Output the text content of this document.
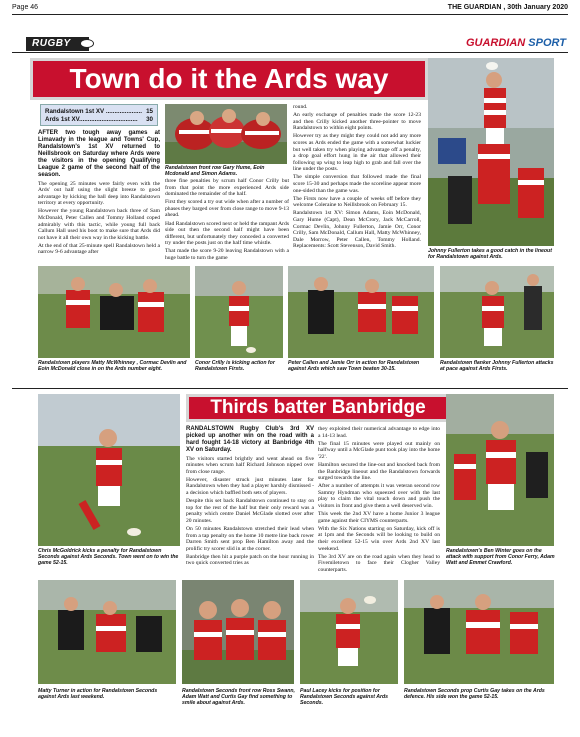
Page 46	THE GUARDIAN , 30th January 2020
RUGBY	GUARDIAN SPORT
Town do it the Ards way
Randalstown 1st XV ..................... 15
Ards 1st XV.................................. 30

AFTER two tough away games at Limavady in the league and Towns' Cup, Randalstown's 1st XV returned to Neillsbrook on Saturday where Ards were the visitors in the opening Qualifying League 2 game of the second half of the season.

The opening 25 minutes were fairly even with the Ards' out half using the slight breeze to good advantage by kicking the ball deep into Randalstown territory at every opportunity.

However the young Randalstown back three of Sam McDonald, Peter Callen and Tommy Holland coped admirably with this tactic, while young full back Callum Hall used his boot to make sure that Ards did not have it all their own way in the kicking battle.

At the end of that 25-minute spell Randalstown held a narrow 9-6 advantage after

Randalstown front row Gary Hume, Eoin Mcdonald and Simon Adams.

three fine penalties by scrum half Conor Crilly but from that point the more experienced Ards side dominated the remainder of the half.

First they scored a try out wide when after a number of phases they barged over from close range to move 9-13 ahead.

Had Randalstown scored next or held the rampant Ards side out then the second half might have been different, but unfortunately they conceded a converted try under the posts just on the half time whistle.

That made the score 9-20 leaving Randalstown with a huge battle to turn the game

round.

An early exchange of penalties made the score 12-23 and then Crilly kicked another three-pointer to move Randalstown to within eight points.

However try as they might they could not add any more scores as Ards ended the game with a somewhat luckier but well taken try when playing advantage off a penalty, a drop goal effort hung in the air that allowed their following up wing to leap high to grab and fall over the line under the posts.

The simple conversion that followed made the final score 15-30 and perhaps made the scoreline appear more one-sided than the game was.

The Firsts now have a couple of weeks off before they welcome Coleraine to Neillsbrook on February 15.

Randalstown 1st XV: Simon Adams, Eoin McDonald, Gary Hume (Capt), Dean McCrory, Jack McCarroll, Cormac Devlin, Johnny Fullerton, Jamie Orr, Conor Crilly, Sam McDonald, Callum Hall, Matty McWhinney, Dale Morrow, Peter Callen, Tommy Holland. Replacements: Scott Stevenson, David Smith.

Johnny Fullerton takes a good catch in the lineout for Randalstown against Ards.
Randalstown players Matty McWhinney , Cormac Devlin and Eoin McDonald close in on the Ards number eight.
Conor Crilly is kicking action for Randalstown Firsts.
Peter Callen and Jamie Orr in action for Randalstown against Ards which saw Town beaten 30-15.
Randalstown flanker Johnny Fullerton attacks at pace against Ards Firsts.
Thirds batter Banbridge
Chris McGoldrick kicks a penalty for Randalstown Seconds against Ards Seconds. Town went on to win the game 52-15.

RANDALSTOWN Rugby Club's 3rd XV picked up another win on the road with a hard fought 14-18 victory at Banbridge 4th XV on Saturday.

The visitors started brightly and went ahead on five minutes when scrum half Richard Johnson nipped over from close range.

However, disaster struck just minutes later for Randalstown when they had a player harshly dismissed - a decision which baffled both sets of players.

Despite this set back Randalstown continued to stay on top for the rest of the half but their only reward was a penalty which centre Daniel McGlade slotted over after 20 minutes.

On 50 minutes Randalstown stretched their lead when from a tap penalty on the home 10 metre line back rower Darren Smith sent prop Ben Hamilton away and the prolific try scorer slid in at the corner.

Banbridge then hit a purple patch on the hour running in two quick converted tries as

they exploited their numerical advantage to edge into a 14-13 lead.

The final 15 minutes were played out mainly on halfway until a McGlade punt took play into the home '22'.

Hamilton secured the line-out and knocked back from the Banbridge lineout and the Randalstown forwards surged towards the line.

After a number of attempts it was veteran second row Sammy Hyndman who squeezed over with the last play to claim the vital touch down and push the visitors in front and give them a well deserved win.

This week the 2nd XV have a home Junior 3 league game against their CIYMS counterparts.

With the Six Nations starting on Saturday, kick off is at 1pm and the Seconds will be looking to build on their excellent 52-15 win over Ards 2nd XV last weekend.

The 3rd XV are on the road again when they head to Fivemiletown to face their Clogher Valley counterparts.

Randalstown's Ben Winter goes on the attack with support from Conor Ferry, Adam Watt and Emmet Crawford.
Matty Turner in action for Randalstown Seconds against Ards last weekend.
Randalstown Seconds front row Ross Swann, Adam Watt and Curtis Gay find something to smile about against Ards.
Paul Lacey kicks for position for Randalstown Seconds against Ards Seconds.
Randalstown Seconds prop Curtis Gay takes on the Ards defence. His side won the game 52-15.
